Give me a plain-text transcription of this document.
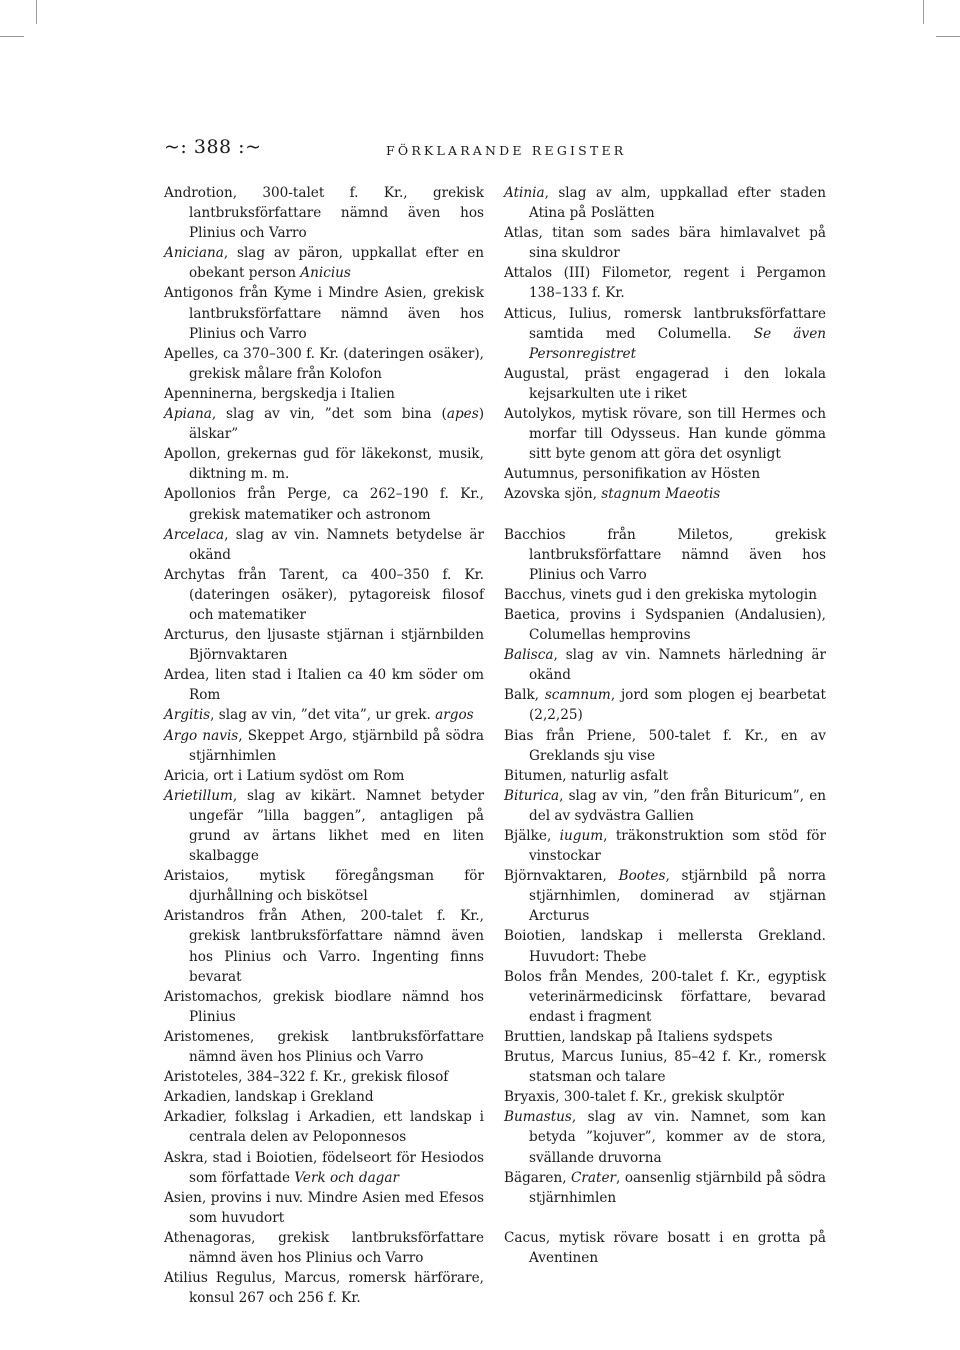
~: 388 :~	FÖRKLARANDE REGISTER

Androtion, 300-talet f. Kr., grekisk lantbruksförfattare nämnd även hos Plinius och Varro

Aniciana, slag av päron, uppkallat efter en obekant person Anicius

Antigonos från Kyme i Mindre Asien, grekisk lantbruksförfattare nämnd även hos Plinius och Varro

Apelles, ca 370–300 f. Kr. (dateringen osäker), grekisk målare från Kolofon

Apenninerna, bergskedja i Italien

Apiana, slag av vin, ”det som bina (apes) älskar”

Apollon, grekernas gud för läkekonst, musik, diktning m. m.

Apollonios från Perge, ca 262–190 f. Kr., grekisk matematiker och astronom

Arcelaca, slag av vin. Namnets betydelse är okänd

Archytas från Tarent, ca 400–350 f. Kr. (dateringen osäker), pytagoreisk filosof och matematiker

Arcturus, den ljusaste stjärnan i stjärnbilden Björnvaktaren

Ardea, liten stad i Italien ca 40 km söder om Rom

Argitis, slag av vin, ”det vita”, ur grek. argos

Argo navis, Skeppet Argo, stjärnbild på södra stjärnhimlen

Aricia, ort i Latium sydöst om Rom

Arietillum, slag av kikärt. Namnet betyder ungefär ”lilla baggen”, antagligen på grund av ärtans likhet med en liten skalbagge

Aristaios, mytisk föregångsman för djurhållning och biskötsel

Aristandros från Athen, 200-talet f. Kr., grekisk lantbruksförfattare nämnd även hos Plinius och Varro. Ingenting finns bevarat

Aristomachos, grekisk biodlare nämnd hos Plinius

Aristomenes, grekisk lantbruksförfattare nämnd även hos Plinius och Varro

Aristoteles, 384–322 f. Kr., grekisk filosof

Arkadien, landskap i Grekland

Arkadier, folkslag i Arkadien, ett landskap i centrala delen av Peloponnesos

Askra, stad i Boiotien, födelseort för Hesiodos som författade Verk och dagar

Asien, provins i nuv. Mindre Asien med Efesos som huvudort

Athenagoras, grekisk lantbruksförfattare nämnd även hos Plinius och Varro

Atilius Regulus, Marcus, romersk härförare, konsul 267 och 256 f. Kr.

Atinia, slag av alm, uppkallad efter staden Atina på Poslätten

Atlas, titan som sades bära himlavalvet på sina skuldror

Attalos (III) Filometor, regent i Pergamon 138–133 f. Kr.

Atticus, Iulius, romersk lantbruksförfattare samtida med Columella. Se även Personregistret

Augustal, präst engagerad i den lokala kejsarkulten ute i riket

Autolykos, mytisk rövare, son till Hermes och morfar till Odysseus. Han kunde gömma sitt byte genom att göra det osynligt

Autumnus, personifikation av Hösten

Azovska sjön, stagnum Maeotis

Bacchios från Miletos, grekisk lantbruksförfattare nämnd även hos Plinius och Varro

Bacchus, vinets gud i den grekiska mytologin

Baetica, provins i Sydspanien (Andalusien), Columellas hemprovins

Balisca, slag av vin. Namnets härledning är okänd

Balk, scamnum, jord som plogen ej bearbetat (2,2,25)

Bias från Priene, 500-talet f. Kr., en av Greklands sju vise

Bitumen, naturlig asfalt

Biturica, slag av vin, ”den från Bituricum”, en del av sydvästra Gallien

Bjälke, iugum, träkonstruktion som stöd för vinstockar

Björnvaktaren, Bootes, stjärnbild på norra stjärnhimlen, dominerad av stjärnan Arcturus

Boiotien, landskap i mellersta Grekland. Huvudort: Thebe

Bolos från Mendes, 200-talet f. Kr., egyptisk veterinärmedicinsk författare, bevarad endast i fragment

Bruttien, landskap på Italiens sydspets

Brutus, Marcus Iunius, 85–42 f. Kr., romersk statsman och talare

Bryaxis, 300-talet f. Kr., grekisk skulptör

Bumastus, slag av vin. Namnet, som kan betyda ”kojuver”, kommer av de stora, svällande druvorna

Bägaren, Crater, oansenlig stjärnbild på södra stjärnhimlen

Cacus, mytisk rövare bosatt i en grotta på Aventinen
